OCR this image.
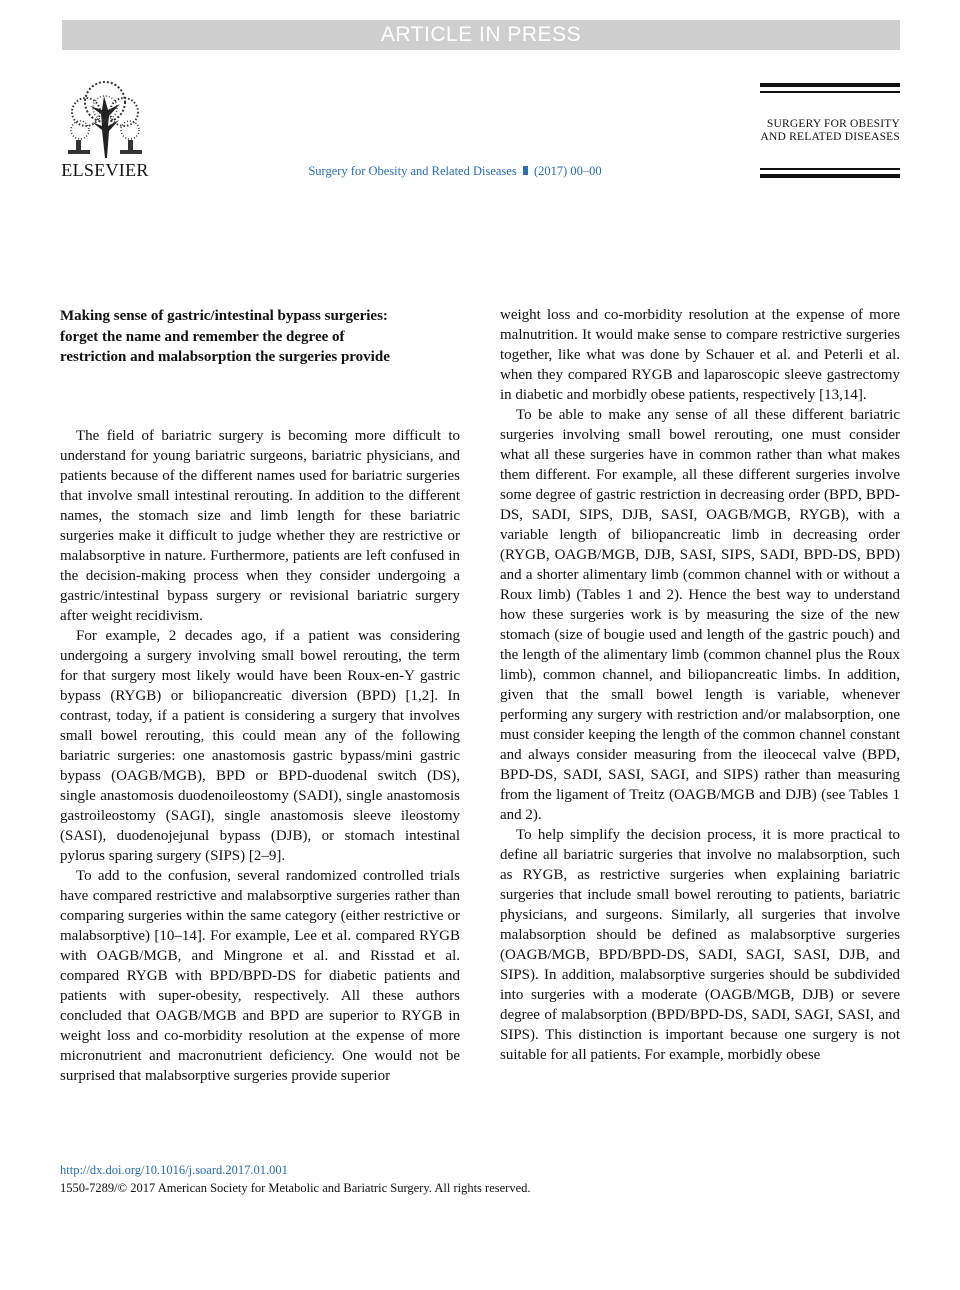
ARTICLE IN PRESS
ELSEVIER	Surgery for Obesity and Related Diseases (2017) 00–00
SURGERY FOR OBESITY
AND RELATED DISEASES
Making sense of gastric/intestinal bypass surgeries: forget the name and remember the degree of restriction and malabsorption the surgeries provide

The field of bariatric surgery is becoming more difficult to understand for young bariatric surgeons, bariatric physicians, and patients because of the different names used for bariatric surgeries that involve small intestinal rerouting. In addition to the different names, the stomach size and limb length for these bariatric surgeries make it difficult to judge whether they are restrictive or malabsorptive in nature. Furthermore, patients are left confused in the decision-making process when they consider undergoing a gastric/intestinal bypass surgery or revisional bariatric surgery after weight recidivism.

For example, 2 decades ago, if a patient was considering undergoing a surgery involving small bowel rerouting, the term for that surgery most likely would have been Roux-en-Y gastric bypass (RYGB) or biliopancreatic diversion (BPD) [1,2]. In contrast, today, if a patient is considering a surgery that involves small bowel rerouting, this could mean any of the following bariatric surgeries: one anastomosis gastric bypass/mini gastric bypass (OAGB/MGB), BPD or BPD-duodenal switch (DS), single anastomosis duodenoileostomy (SADI), single anastomosis gastroileostomy (SAGI), single anastomosis sleeve ileostomy (SASI), duodenojejunal bypass (DJB), or stomach intestinal pylorus sparing surgery (SIPS) [2–9].

To add to the confusion, several randomized controlled trials have compared restrictive and malabsorptive surgeries rather than comparing surgeries within the same category (either restrictive or malabsorptive) [10–14]. For example, Lee et al. compared RYGB with OAGB/MGB, and Mingrone et al. and Risstad et al. compared RYGB with BPD/BPD-DS for diabetic patients and patients with super-obesity, respectively. All these authors concluded that OAGB/MGB and BPD are superior to RYGB in weight loss and co-morbidity resolution at the expense of more micronutrient and macronutrient deficiency. One would not be surprised that malabsorptive surgeries provide superior

weight loss and co-morbidity resolution at the expense of more malnutrition. It would make sense to compare restrictive surgeries together, like what was done by Schauer et al. and Peterli et al. when they compared RYGB and laparoscopic sleeve gastrectomy in diabetic and morbidly obese patients, respectively [13,14].

To be able to make any sense of all these different bariatric surgeries involving small bowel rerouting, one must consider what all these surgeries have in common rather than what makes them different. For example, all these different surgeries involve some degree of gastric restriction in decreasing order (BPD, BPD-DS, SADI, SIPS, DJB, SASI, OAGB/MGB, RYGB), with a variable length of biliopancreatic limb in decreasing order (RYGB, OAGB/MGB, DJB, SASI, SIPS, SADI, BPD-DS, BPD) and a shorter alimentary limb (common channel with or without a Roux limb) (Tables 1 and 2). Hence the best way to understand how these surgeries work is by measuring the size of the new stomach (size of bougie used and length of the gastric pouch) and the length of the alimentary limb (common channel plus the Roux limb), common channel, and biliopancreatic limbs. In addition, given that the small bowel length is variable, whenever performing any surgery with restriction and/or malabsorption, one must consider keeping the length of the common channel constant and always consider measuring from the ileocecal valve (BPD, BPD-DS, SADI, SASI, SAGI, and SIPS) rather than measuring from the ligament of Treitz (OAGB/MGB and DJB) (see Tables 1 and 2).

To help simplify the decision process, it is more practical to define all bariatric surgeries that involve no malabsorption, such as RYGB, as restrictive surgeries when explaining bariatric surgeries that include small bowel rerouting to patients, bariatric physicians, and surgeons. Similarly, all surgeries that involve malabsorption should be defined as malabsorptive surgeries (OAGB/MGB, BPD/BPD-DS, SADI, SAGI, SASI, DJB, and SIPS). In addition, malabsorptive surgeries should be subdivided into surgeries with a moderate (OAGB/MGB, DJB) or severe degree of malabsorption (BPD/BPD-DS, SADI, SAGI, SASI, and SIPS). This distinction is important because one surgery is not suitable for all patients. For example, morbidly obese

http://dx.doi.org/10.1016/j.soard.2017.01.001
1550-7289/© 2017 American Society for Metabolic and Bariatric Surgery. All rights reserved.
